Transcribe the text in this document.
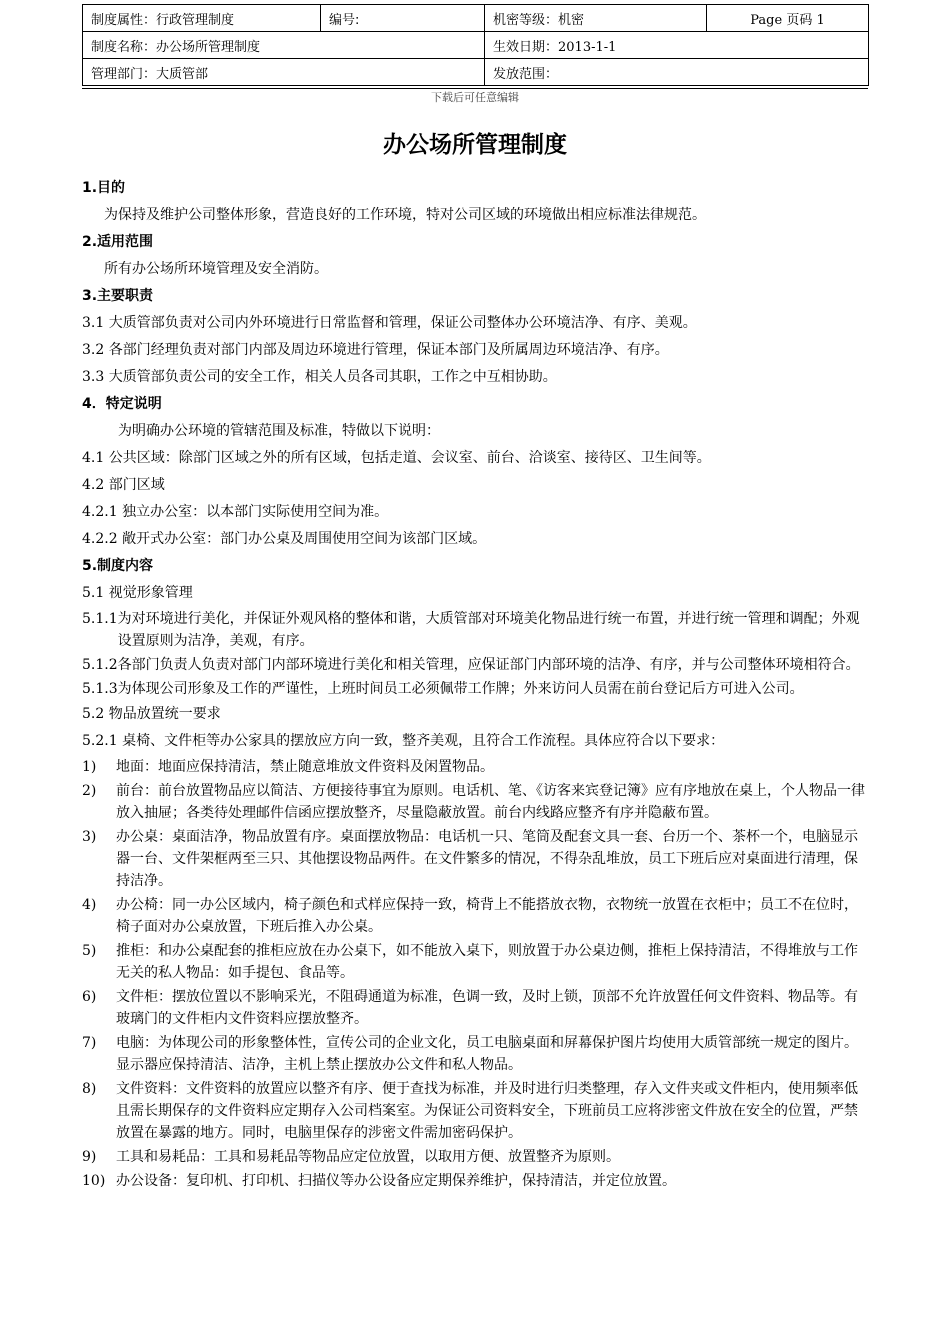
制度属性：行政管理制度	编号:	机密等级：机密	Page 页码 1
制度名称：办公场所管理制度		生效日期：2013-1-1	
管理部门：大质管部		发放范围：	
下载后可任意编辑
办公场所管理制度
1.目的
为保持及维护公司整体形象，营造良好的工作环境，特对公司区域的环境做出相应标准法律规范。
2.适用范围
所有办公场所环境管理及安全消防。
3.主要职责
3.1 大质管部负责对公司内外环境进行日常监督和管理，保证公司整体办公环境洁净、有序、美观。
3.2 各部门经理负责对部门内部及周边环境进行管理，保证本部门及所属周边环境洁净、有序。
3.3 大质管部负责公司的安全工作，相关人员各司其职，工作之中互相协助。
4．特定说明
为明确办公环境的管辖范围及标准，特做以下说明：
4.1 公共区域：除部门区域之外的所有区域，包括走道、会议室、前台、洽谈室、接待区、卫生间等。
4.2 部门区域
4.2.1 独立办公室：以本部门实际使用空间为准。
4.2.2 敞开式办公室：部门办公桌及周围使用空间为该部门区域。
5.制度内容
5.1 视觉形象管理
5.1.1 为对环境进行美化，并保证外观风格的整体和谐，大质管部对环境美化物品进行统一布置，并进行统一管理和调配；外观设置原则为洁净，美观，有序。
5.1.2 各部门负责人负责对部门内部环境进行美化和相关管理，应保证部门内部环境的洁净、有序，并与公司整体环境相符合。
5.1.3 为体现公司形象及工作的严谨性，上班时间员工必须佩带工作牌；外来访问人员需在前台登记后方可进入公司。
5.2 物品放置统一要求
5.2.1 桌椅、文件柜等办公家具的摆放应方向一致，整齐美观，且符合工作流程。具体应符合以下要求：
1)	地面：地面应保持清洁，禁止随意堆放文件资料及闲置物品。
2)	前台：前台放置物品应以简洁、方便接待事宜为原则。电话机、笔、《访客来宾登记簿》应有序地放在桌上，个人物品一律放入抽屉；各类待处理邮件信函应摆放整齐，尽量隐蔽放置。前台内线路应整齐有序并隐蔽布置。
3)	办公桌：桌面洁净，物品放置有序。桌面摆放物品：电话机一只、笔筒及配套文具一套、台历一个、茶杯一个，电脑显示器一台、文件架框两至三只、其他摆设物品两件。在文件繁多的情况，不得杂乱堆放，员工下班后应对桌面进行清理，保持洁净。
4)	办公椅：同一办公区域内，椅子颜色和式样应保持一致，椅背上不能搭放衣物，衣物统一放置在衣柜中；员工不在位时，椅子面对办公桌放置，下班后推入办公桌。
5)	推柜：和办公桌配套的推柜应放在办公桌下，如不能放入桌下，则放置于办公桌边侧，推柜上保持清洁，不得堆放与工作无关的私人物品：如手提包、食品等。
6)	文件柜：摆放位置以不影响采光，不阻碍通道为标准，色调一致，及时上锁，顶部不允许放置任何文件资料、物品等。有玻璃门的文件柜内文件资料应摆放整齐。
7)	电脑：为体现公司的形象整体性，宣传公司的企业文化，员工电脑桌面和屏幕保护图片均使用大质管部统一规定的图片。显示器应保持清洁、洁净，主机上禁止摆放办公文件和私人物品。
8)	文件资料：文件资料的放置应以整齐有序、便于查找为标准，并及时进行归类整理，存入文件夹或文件柜内，使用频率低且需长期保存的文件资料应定期存入公司档案室。为保证公司资料安全，下班前员工应将涉密文件放在安全的位置，严禁放置在暴露的地方。同时，电脑里保存的涉密文件需加密码保护。
9)	工具和易耗品：工具和易耗品等物品应定位放置，以取用方便、放置整齐为原则。
10) 办公设备：复印机、打印机、扫描仪等办公设备应定期保养维护，保持清洁，并定位放置。
